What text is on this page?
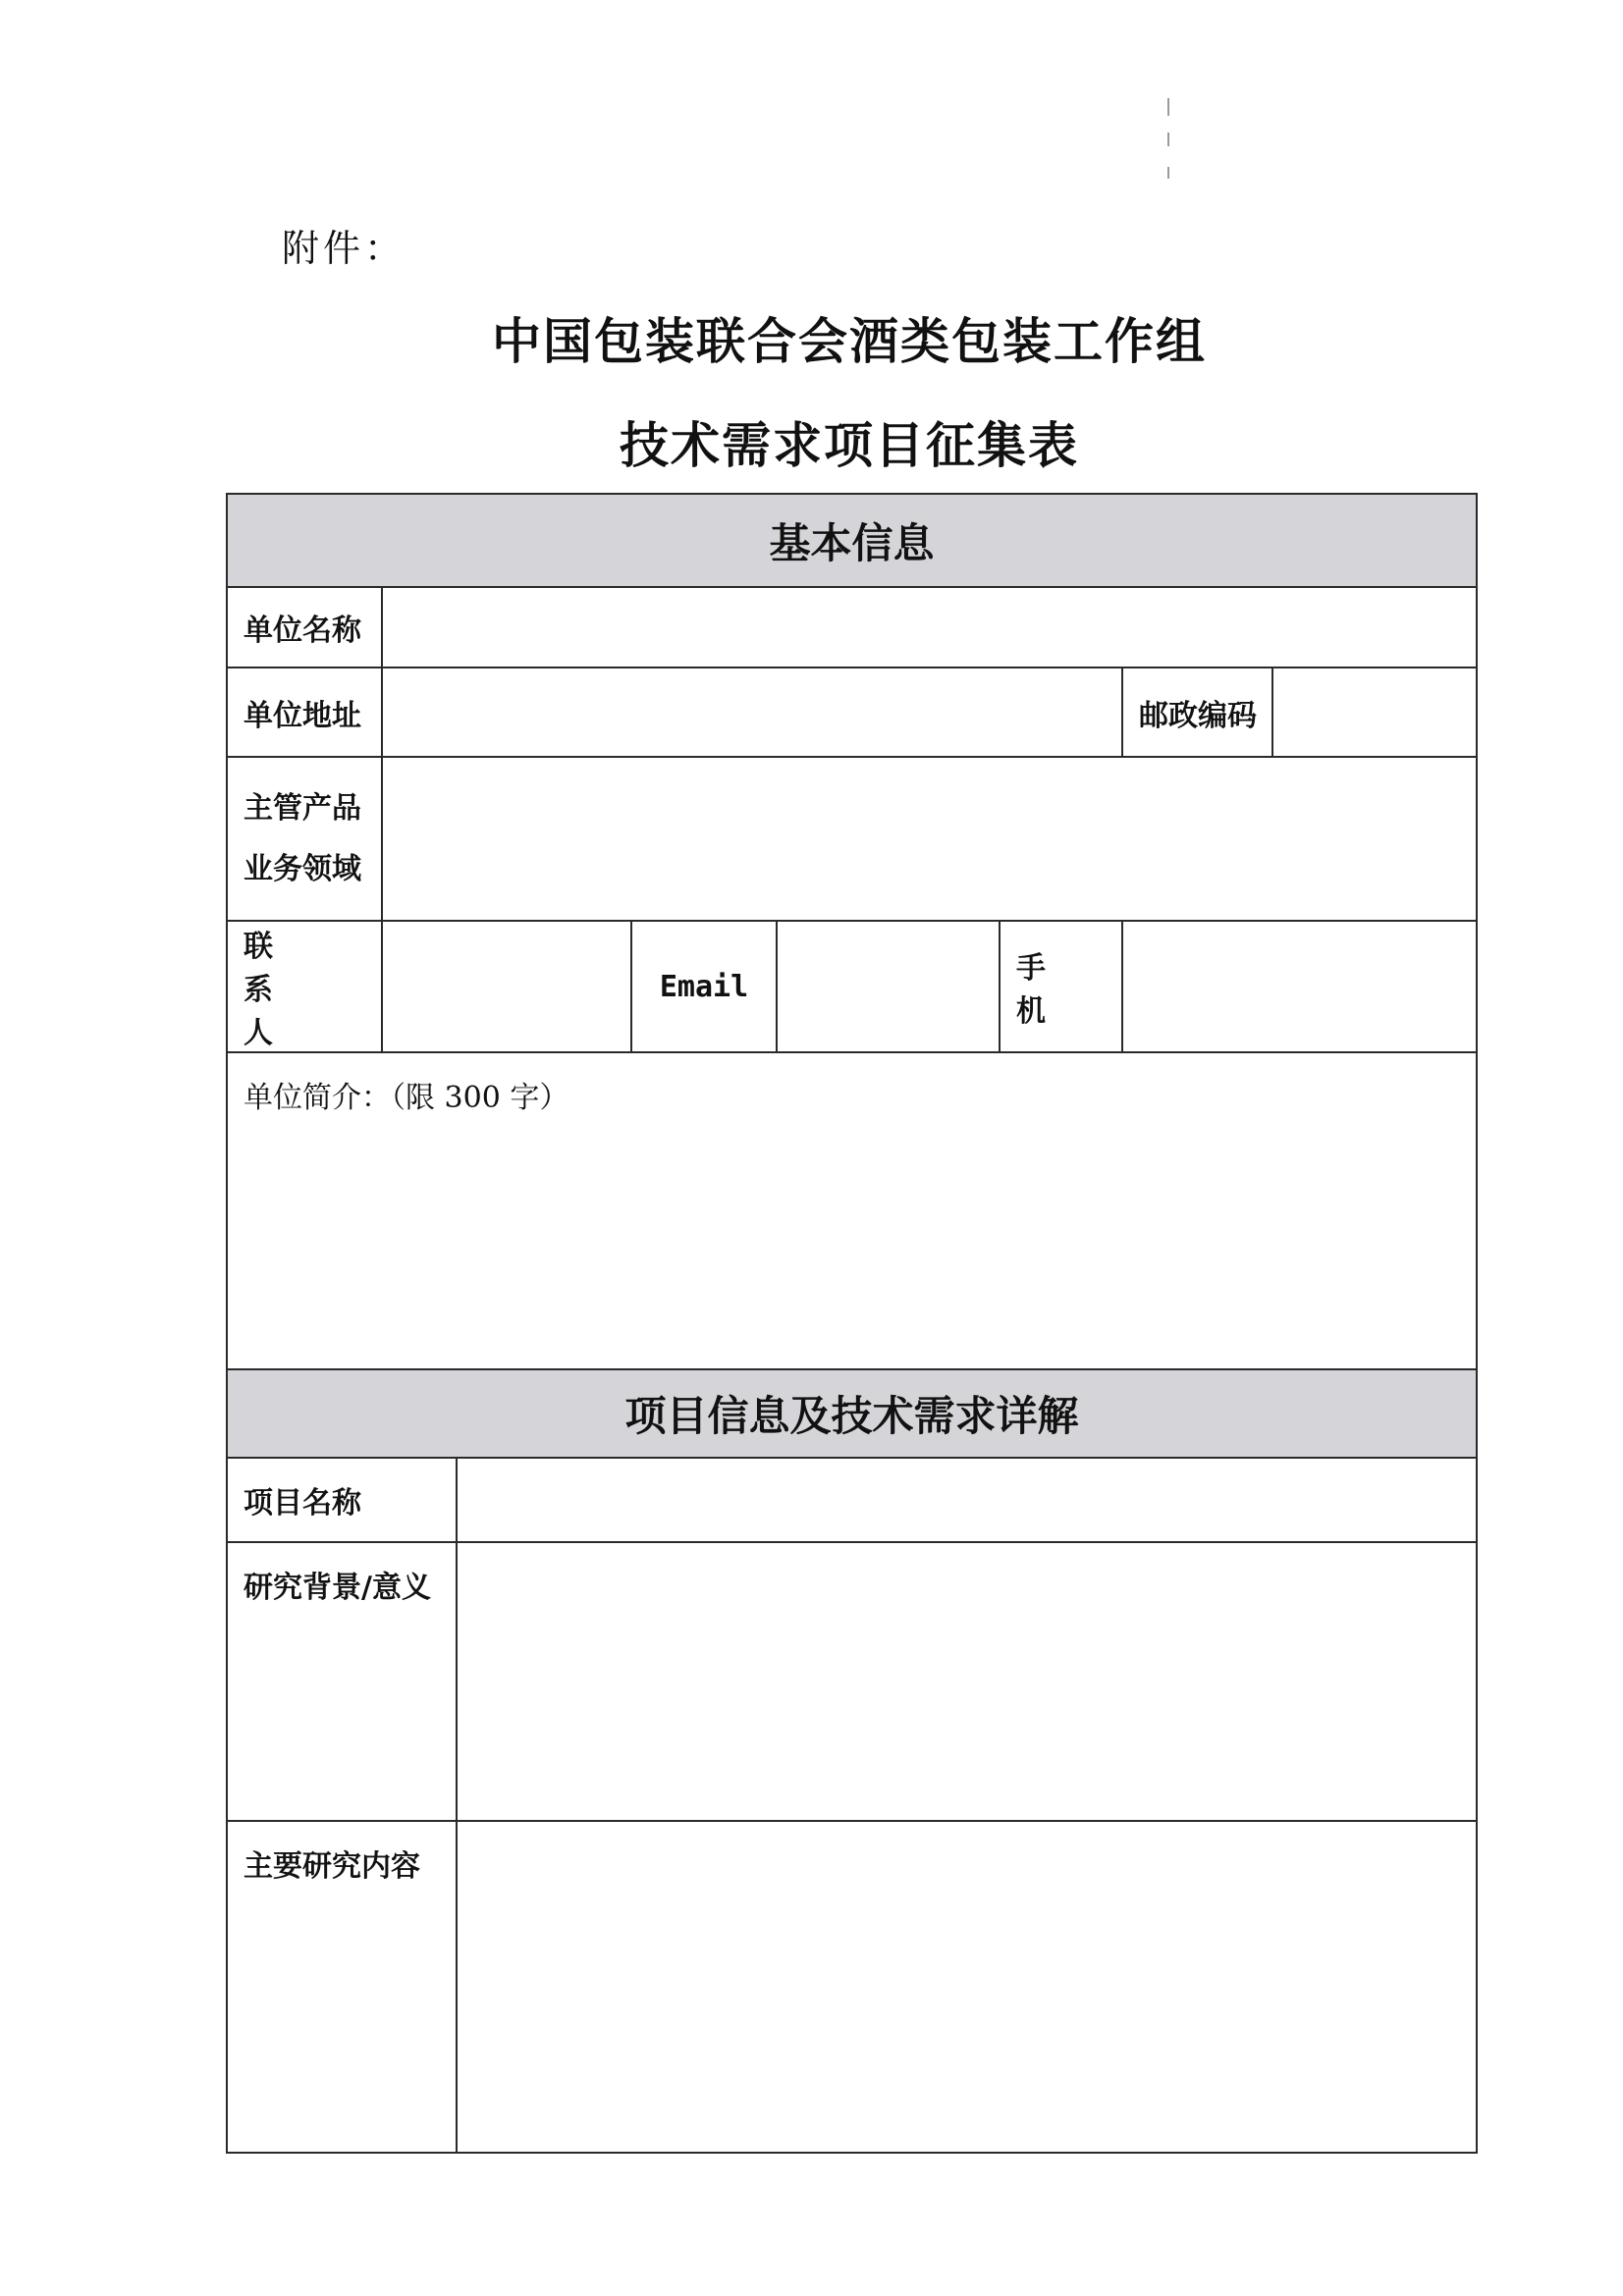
附件：
中国包装联合会酒类包装工作组
技术需求项目征集表
基本信息							
单位名称							
单位地址						邮政编码	

主管产品
业务领域							

联 系 人			Email		手 机		
单位简介：（限 300 字）							
项目信息及技术需求详解							
项目名称							
研究背景/意义							
主要研究内容							
